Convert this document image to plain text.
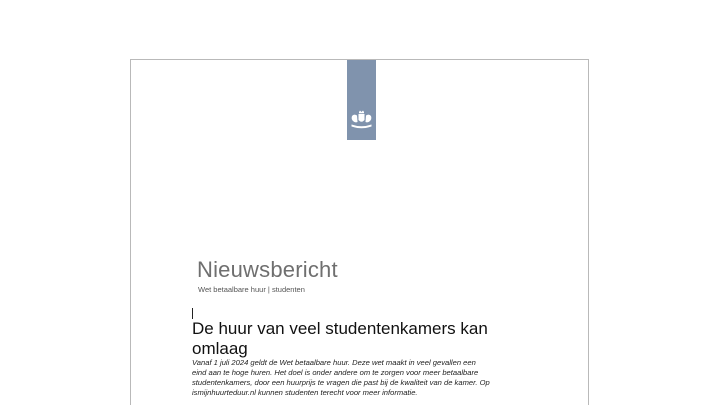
Nieuwsbericht
Wet betaalbare huur | studenten
De huur van veel studentenkamers kan omlaag

Vanaf 1 juli 2024 geldt de Wet betaalbare huur. Deze wet maakt in veel gevallen een eind aan te hoge huren. Het doel is onder andere om te zorgen voor meer betaalbare studentenkamers, door een huurprijs te vragen die past bij de kwaliteit van de kamer. Op ismijnhuurteduur.nl kunnen studenten terecht voor meer informatie.
